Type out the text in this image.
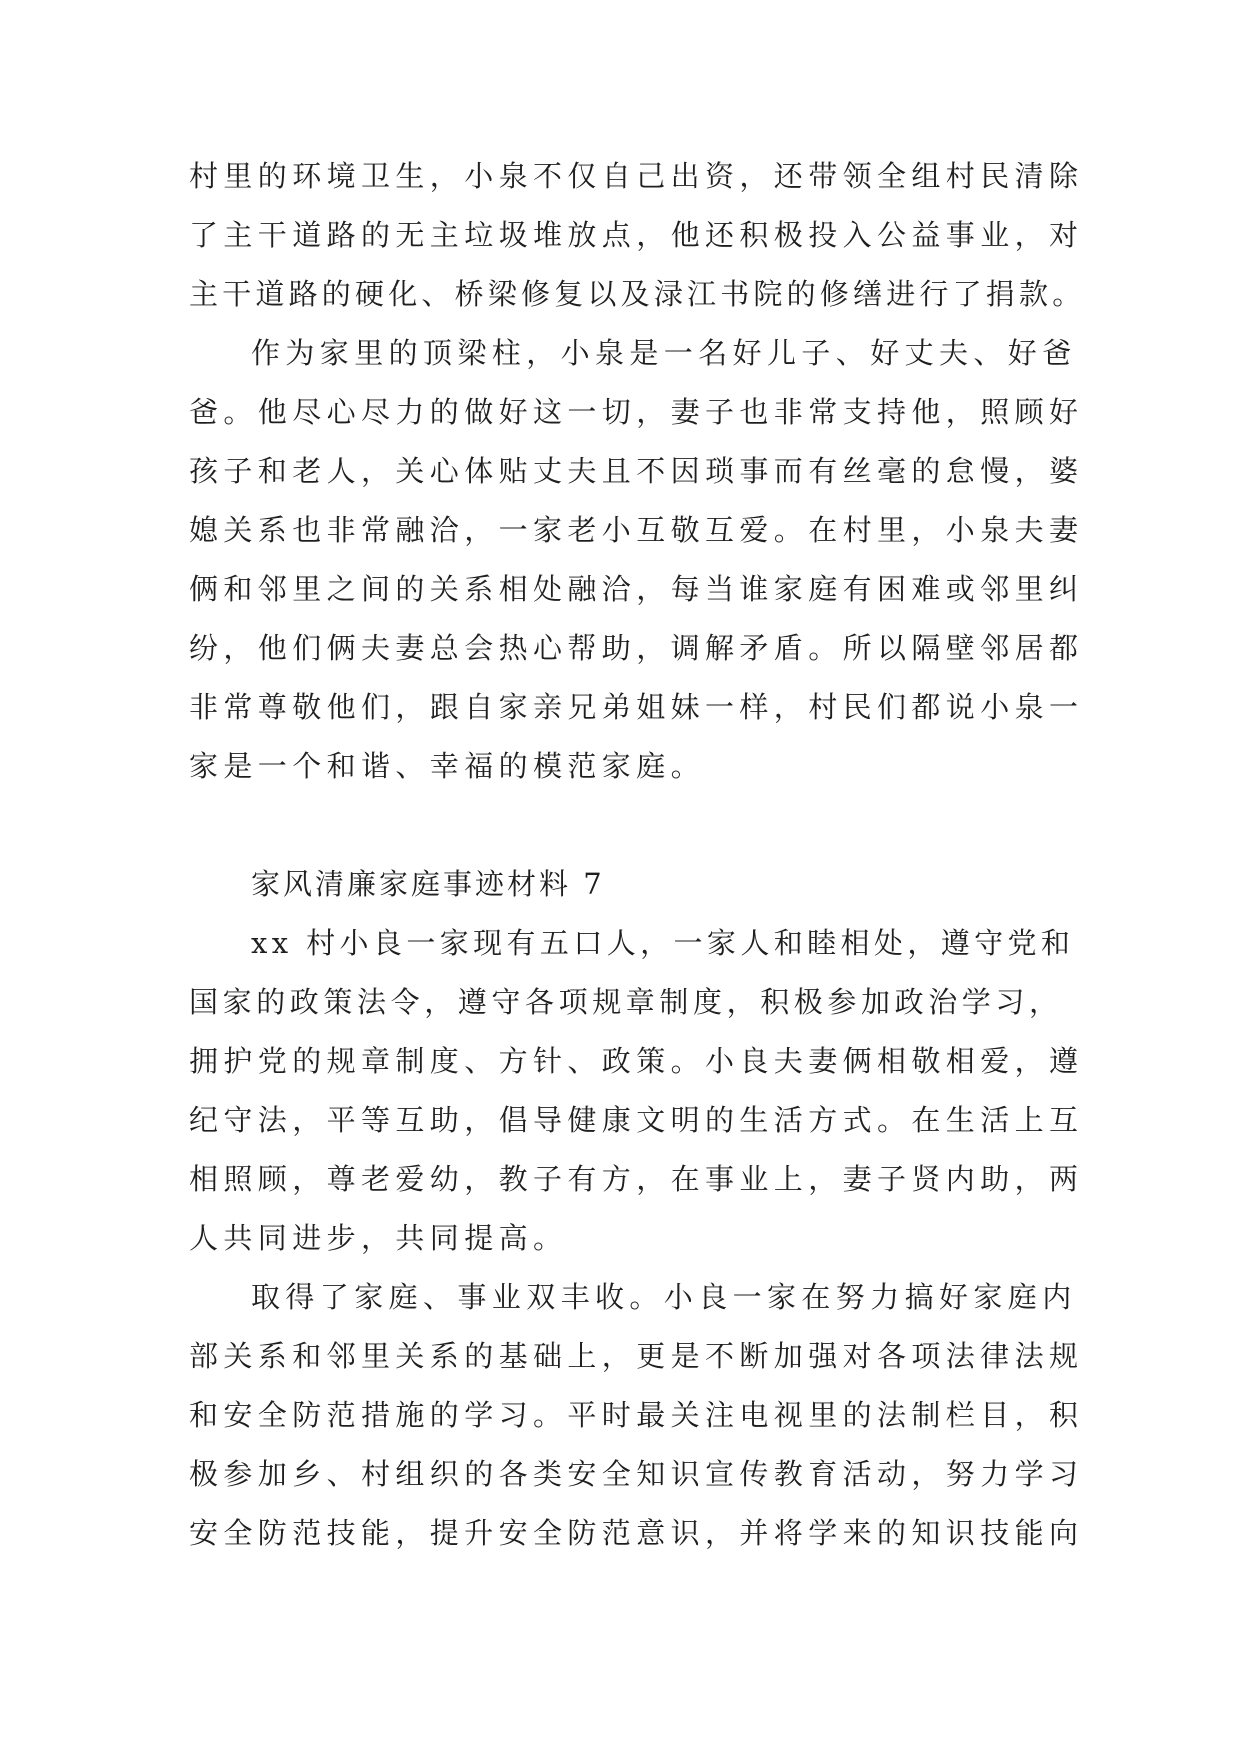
村里的环境卫生，小泉不仅自己出资，还带领全组村民清除
了主干道路的无主垃圾堆放点，他还积极投入公益事业，对
主干道路的硬化、桥梁修复以及渌江书院的修缮进行了捐款。
作为家里的顶梁柱，小泉是一名好儿子、好丈夫、好爸
爸。他尽心尽力的做好这一切，妻子也非常支持他，照顾好
孩子和老人，关心体贴丈夫且不因琐事而有丝毫的怠慢，婆
媳关系也非常融洽，一家老小互敬互爱。在村里，小泉夫妻
俩和邻里之间的关系相处融洽，每当谁家庭有困难或邻里纠
纷，他们俩夫妻总会热心帮助，调解矛盾。所以隔壁邻居都
非常尊敬他们，跟自家亲兄弟姐妹一样，村民们都说小泉一
家是一个和谐、幸福的模范家庭。
家风清廉家庭事迹材料 7
xx 村小良一家现有五口人，一家人和睦相处，遵守党和
国家的政策法令，遵守各项规章制度，积极参加政治学习，
拥护党的规章制度、方针、政策。小良夫妻俩相敬相爱，遵
纪守法，平等互助，倡导健康文明的生活方式。在生活上互
相照顾，尊老爱幼，教子有方，在事业上，妻子贤内助，两
人共同进步，共同提高。
取得了家庭、事业双丰收。小良一家在努力搞好家庭内
部关系和邻里关系的基础上，更是不断加强对各项法律法规
和安全防范措施的学习。平时最关注电视里的法制栏目，积
极参加乡、村组织的各类安全知识宣传教育活动，努力学习
安全防范技能，提升安全防范意识，并将学来的知识技能向
